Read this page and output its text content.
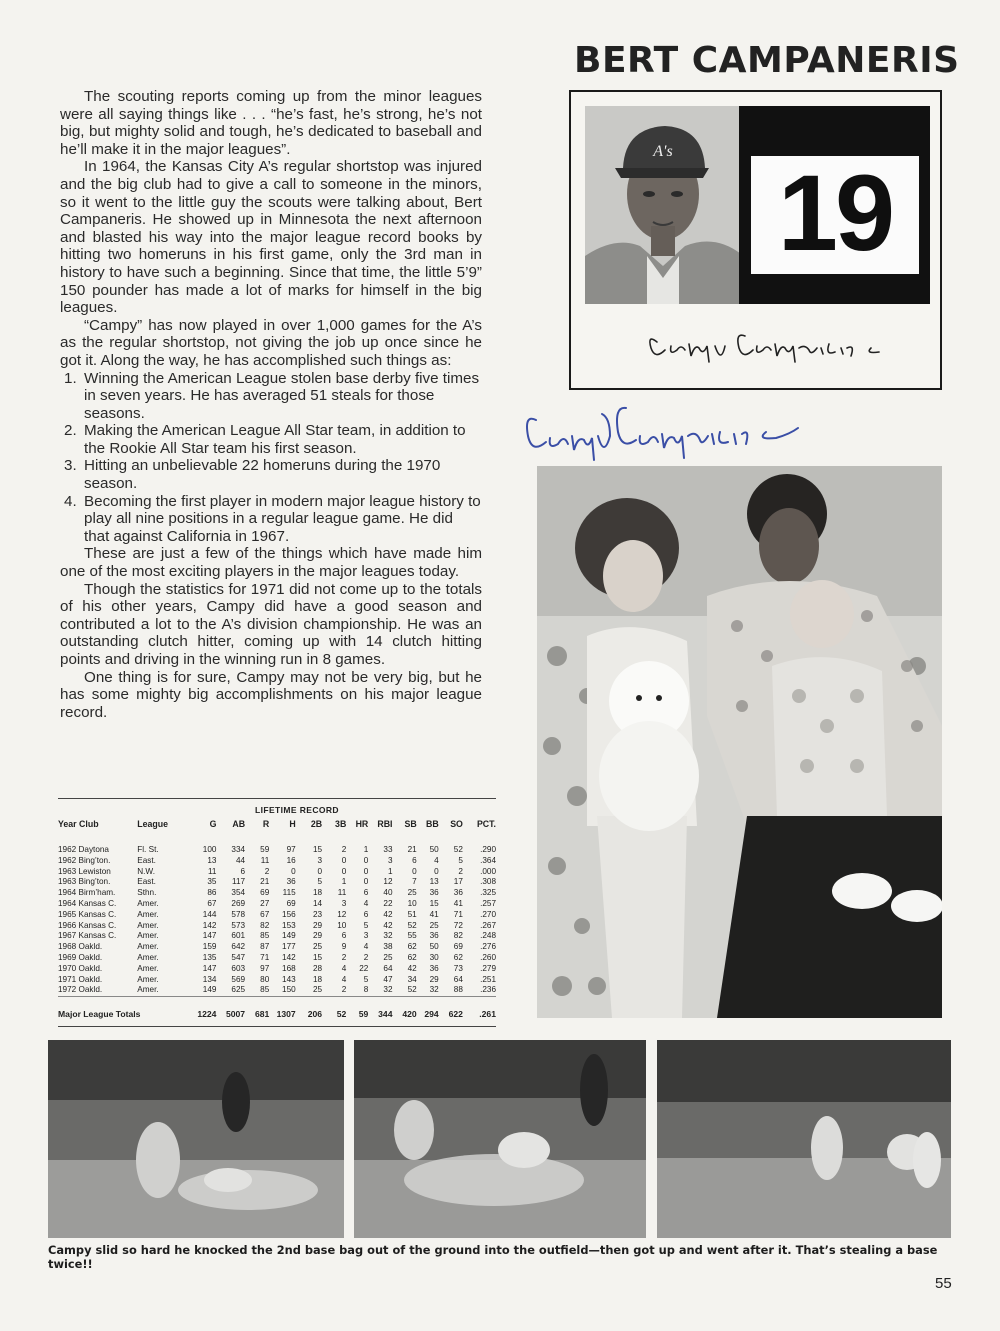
BERT CAMPANERIS

The scouting reports coming up from the minor leagues were all saying things like . . . “he’s fast, he’s strong, he’s not big, but mighty solid and tough, he’s dedicated to baseball and he’ll make it in the major leagues”.

In 1964, the Kansas City A’s regular shortstop was injured and the big club had to give a call to someone in the minors, so it went to the little guy the scouts were talking about, Bert Campaneris. He showed up in Minnesota the next afternoon and blasted his way into the major league record books by hitting two homeruns in his first game, only the 3rd man in history to have such a beginning. Since that time, the little 5’9” 150 pounder has made a lot of marks for himself in the big leagues.

“Campy” has now played in over 1,000 games for the A’s as the regular shortstop, not giving the job up once since he got it. Along the way, he has accomplished such things as:

1. Winning the American League stolen base derby five times in seven years. He has averaged 51 steals for those seasons.
2. Making the American League All Star team, in addition to the Rookie All Star team his first season.
3. Hitting an unbelievable 22 homeruns during the 1970 season.
4. Becoming the first player in modern major league history to play all nine positions in a regular league game. He did that against California in 1967.

These are just a few of the things which have made him one of the most exciting players in the major leagues today.

Though the statistics for 1971 did not come up to the totals of his other years, Campy did have a good season and contributed a lot to the A’s division championship. He was an outstanding clutch hitter, coming up with 14 clutch hitting points and driving in the winning run in 8 games.

One thing is for sure, Campy may not be very big, but he has some mighty big accomplishments on his major league record.

A's
19
LIFETIME RECORD
Year Club	League	G	AB	R	H	2B	3B	HR	RBI	SB	BB	SO	PCT.
1962 Daytona	Fl. St.	100	334	59	97	15	2	1	33	21	50	52	.290
1962 Bing’ton.	East.	13	44	11	16	3	0	0	3	6	4	5	.364
1963 Lewiston	N.W.	11	6	2	0	0	0	0	1	0	0	2	.000
1963 Bing’ton.	East.	35	117	21	36	5	1	0	12	7	13	17	.308
1964 Birm’ham.	Sthn.	86	354	69	115	18	11	6	40	25	36	36	.325
1964 Kansas C.	Amer.	67	269	27	69	14	3	4	22	10	15	41	.257
1965 Kansas C.	Amer.	144	578	67	156	23	12	6	42	51	41	71	.270
1966 Kansas C.	Amer.	142	573	82	153	29	10	5	42	52	25	72	.267
1967 Kansas C.	Amer.	147	601	85	149	29	6	3	32	55	36	82	.248
1968 Oakld.	Amer.	159	642	87	177	25	9	4	38	62	50	69	.276
1969 Oakld.	Amer.	135	547	71	142	15	2	2	25	62	30	62	.260
1970 Oakld.	Amer.	147	603	97	168	28	4	22	64	42	36	73	.279
1971 Oakld.	Amer.	134	569	80	143	18	4	5	47	34	29	64	.251
1972 Oakld.	Amer.	149	625	85	150	25	2	8	32	52	32	88	.236
Major League Totals		1224	5007	681	1307	206	52	59	344	420	294	622	.261
Campy slid so hard he knocked the 2nd base bag out of the ground into the outfield—then got up and went after it. That’s stealing a base twice!!
55
